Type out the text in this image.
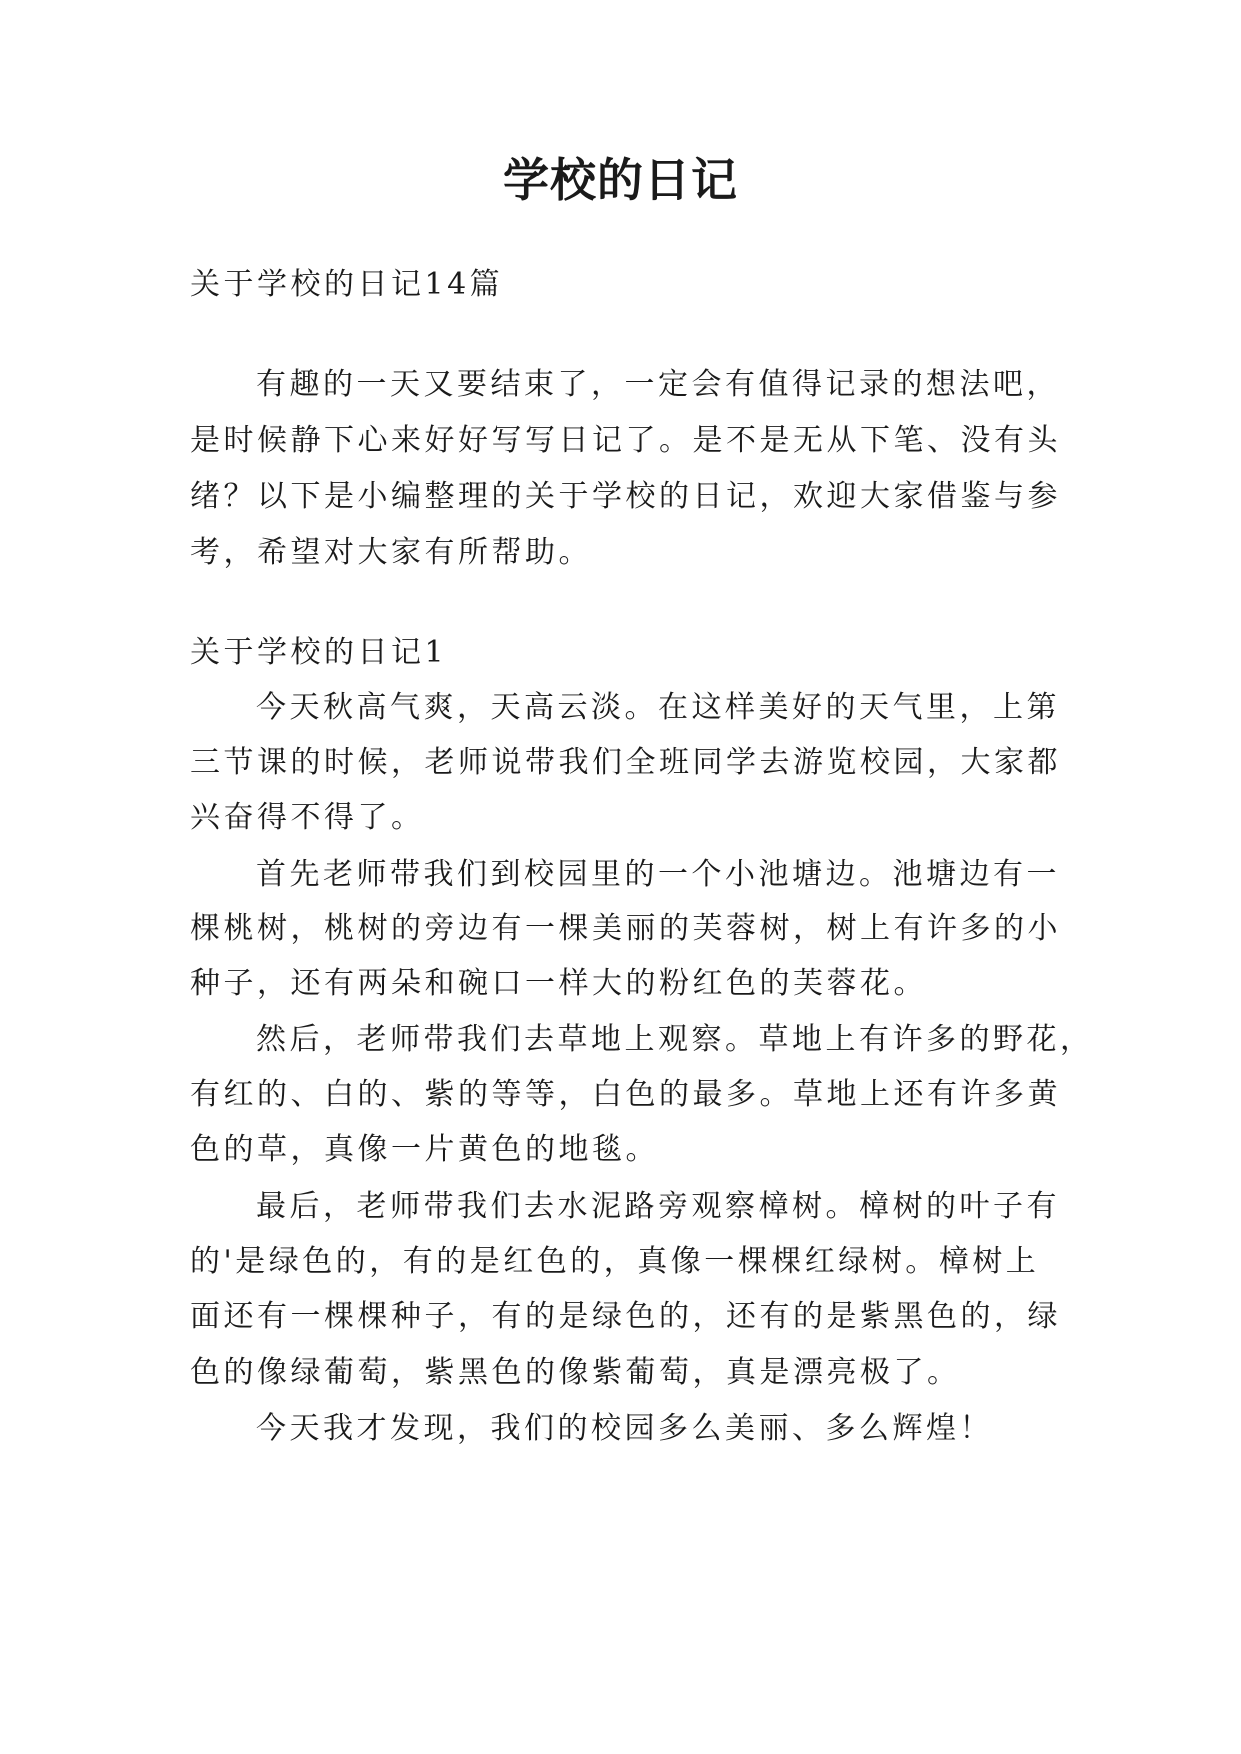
学校的日记
关于学校的日记14篇
有趣的一天又要结束了，一定会有值得记录的想法吧，
是时候静下心来好好写写日记了。是不是无从下笔、没有头
绪？以下是小编整理的关于学校的日记，欢迎大家借鉴与参
考，希望对大家有所帮助。
关于学校的日记1
今天秋高气爽，天高云淡。在这样美好的天气里，上第
三节课的时候，老师说带我们全班同学去游览校园，大家都
兴奋得不得了。
首先老师带我们到校园里的一个小池塘边。池塘边有一
棵桃树，桃树的旁边有一棵美丽的芙蓉树，树上有许多的小
种子，还有两朵和碗口一样大的粉红色的芙蓉花。
然后，老师带我们去草地上观察。草地上有许多的野花，
有红的、白的、紫的等等，白色的最多。草地上还有许多黄
色的草，真像一片黄色的地毯。
最后，老师带我们去水泥路旁观察樟树。樟树的叶子有
的'是绿色的，有的是红色的，真像一棵棵红绿树。樟树上
面还有一棵棵种子，有的是绿色的，还有的是紫黑色的，绿
色的像绿葡萄，紫黑色的像紫葡萄，真是漂亮极了。
今天我才发现，我们的校园多么美丽、多么辉煌！
